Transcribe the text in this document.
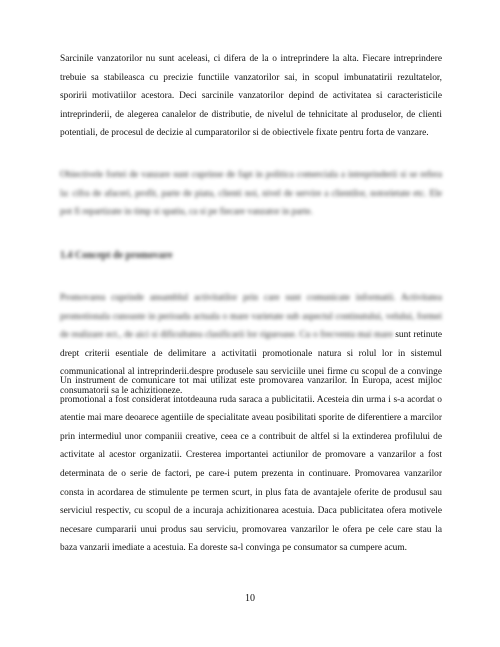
Sarcinile vanzatorilor nu sunt aceleasi, ci difera de la o intreprindere la alta. Fiecare intreprindere trebuie sa stabileasca cu precizie functiile vanzatorilor sai, in scopul imbunatatirii rezultatelor, sporirii motivatiilor acestora. Deci sarcinile vanzatorilor depind de activitatea si caracteristicile intreprinderii, de alegerea canalelor de distributie, de nivelul de tehnicitate al produselor, de clienti potentiali, de procesul de decizie al cumparatorilor si de obiectivele fixate pentru forta de vanzare.

Obiectivele fortei de vanzare sunt cuprinse de fapt in politica comerciala a intreprinderii si se refera la: cifra de afaceri, profit, parte de piata, clienti noi, nivel de servire a clientilor, notorietate etc. Ele pot fi repartizate in timp si spatiu, ca si pe fiecare vanzator in parte.

1.4 Concept de promovare

Promovarea cuprinde ansamblul activitatilor prin care sunt comunicate informatii. Activitatea promotionala cunoaste in perioada actuala o mare varietate sub aspectul continutului, velului, formei de realizare ect., de aici si dificultatea clasificarii lor riguroase. Cu o frecventa mai mare sunt retinute drept criterii esentiale de delimitare a activitatii promotionale natura si rolul lor in sistemul communicational al intreprinderii.despre produsele sau serviciile unei firme cu scopul de a convinge consumatorii sa le achizitioneze.

Un instrument de comunicare tot mai utilizat este promovarea vanzarilor. In Europa, acest mijloc promotional a fost considerat intotdeauna ruda saraca a publicitatii. Acesteia din urma i s-a acordat o atentie mai mare deoarece agentiile de specialitate aveau posibilitati sporite de diferentiere a marcilor prin intermediul unor companiii creative, ceea ce a contribuit de altfel si la extinderea profilului de activitate al acestor organizatii. Cresterea importantei actiunilor de promovare a vanzarilor a fost determinata de o serie de factori, pe care-i putem prezenta in continuare. Promovarea vanzarilor consta in acordarea de stimulente pe termen scurt, in plus fata de avantajele oferite de produsul sau serviciul respectiv, cu scopul de a incuraja achizitionarea acestuia. Daca publicitatea ofera motivele necesare cumpararii unui produs sau serviciu, promovarea vanzarilor le ofera pe cele care stau la baza vanzarii imediate a acestuia. Ea doreste sa-l convinga pe consumator sa cumpere acum.

10
